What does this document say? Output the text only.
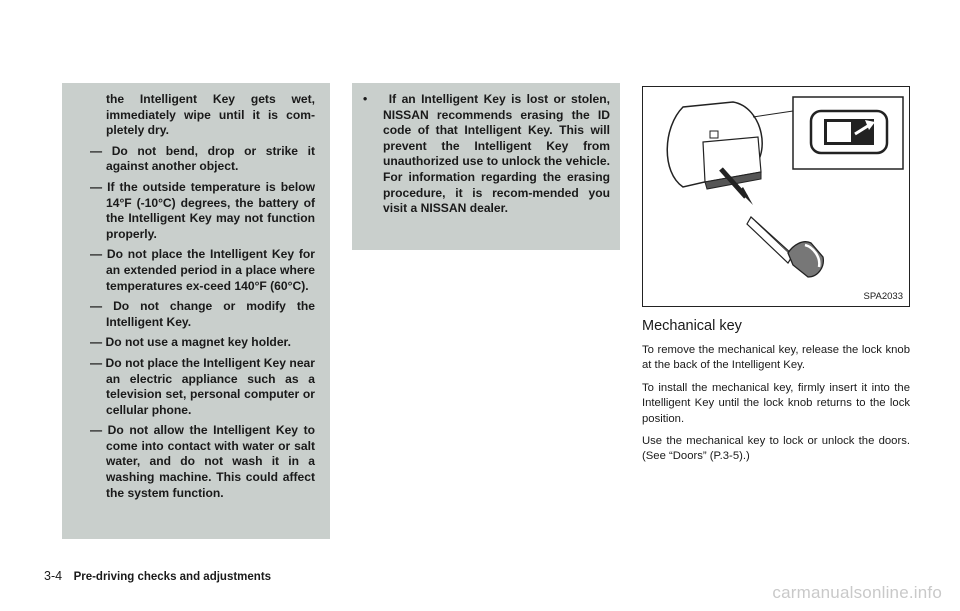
the Intelligent Key gets wet, immediately wipe until it is com-pletely dry.
— Do not bend, drop or strike it against another object.
— If the outside temperature is below 14°F (-10°C) degrees, the battery of the Intelligent Key may not function properly.
— Do not place the Intelligent Key for an extended period in a place where temperatures ex-ceed 140°F (60°C).
— Do not change or modify the Intelligent Key.
— Do not use a magnet key holder.
— Do not place the Intelligent Key near an electric appliance such as a television set, personal computer or cellular phone.
— Do not allow the Intelligent Key to come into contact with water or salt water, and do not wash it in a washing machine. This could affect the system function.
• If an Intelligent Key is lost or stolen, NISSAN recommends erasing the ID code of that Intelligent Key. This will prevent the Intelligent Key from unauthorized use to unlock the vehicle. For information regarding the erasing procedure, it is recom-mended you visit a NISSAN dealer.
SPA2033
Mechanical key

To remove the mechanical key, release the lock knob at the back of the Intelligent Key.

To install the mechanical key, firmly insert it into the Intelligent Key until the lock knob returns to the lock position.

Use the mechanical key to lock or unlock the doors. (See “Doors” (P.3-5).)

3-4 Pre-driving checks and adjustments
carmanualsonline.info
